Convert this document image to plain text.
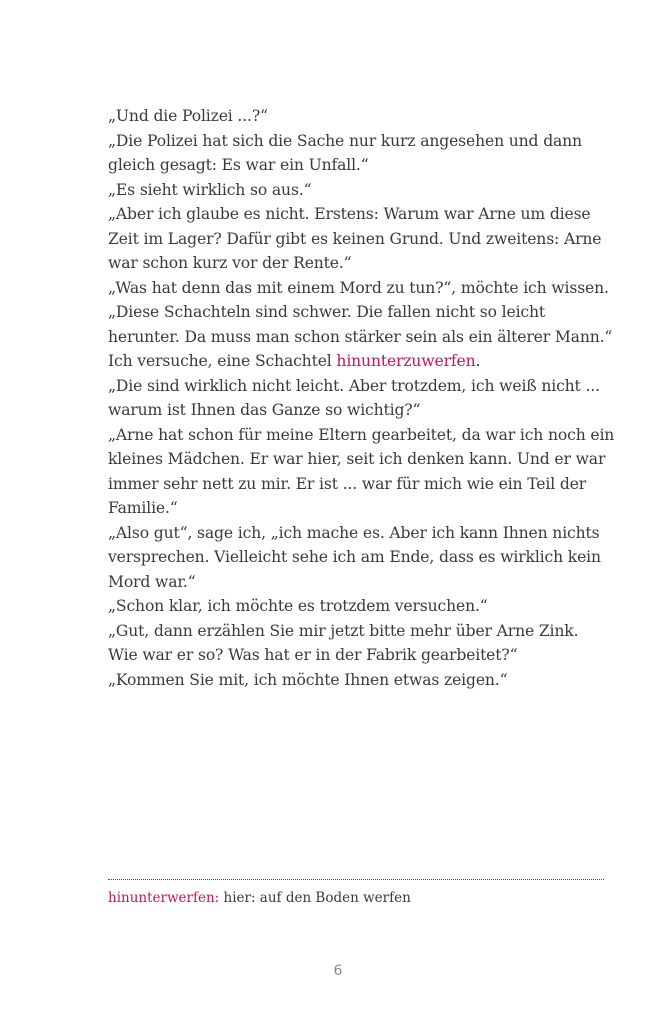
„Und die Polizei ...?“
„Die Polizei hat sich die Sache nur kurz angesehen und dann
gleich gesagt: Es war ein Unfall.“
„Es sieht wirklich so aus.“
„Aber ich glaube es nicht. Erstens: Warum war Arne um diese
Zeit im Lager? Dafür gibt es keinen Grund. Und zweitens: Arne
war schon kurz vor der Rente.“
„Was hat denn das mit einem Mord zu tun?“, möchte ich wissen.
„Diese Schachteln sind schwer. Die fallen nicht so leicht
herunter. Da muss man schon stärker sein als ein älterer Mann.“
Ich versuche, eine Schachtel hinunterzuwerfen.
„Die sind wirklich nicht leicht. Aber trotzdem, ich weiß nicht ...
warum ist Ihnen das Ganze so wichtig?“
„Arne hat schon für meine Eltern gearbeitet, da war ich noch ein
kleines Mädchen. Er war hier, seit ich denken kann. Und er war
immer sehr nett zu mir. Er ist ... war für mich wie ein Teil der
Familie.“
„Also gut“, sage ich, „ich mache es. Aber ich kann Ihnen nichts
versprechen. Vielleicht sehe ich am Ende, dass es wirklich kein
Mord war.“
„Schon klar, ich möchte es trotzdem versuchen.“
„Gut, dann erzählen Sie mir jetzt bitte mehr über Arne Zink.
Wie war er so? Was hat er in der Fabrik gearbeitet?“
„Kommen Sie mit, ich möchte Ihnen etwas zeigen.“
hinunterwerfen: hier: auf den Boden werfen
6
